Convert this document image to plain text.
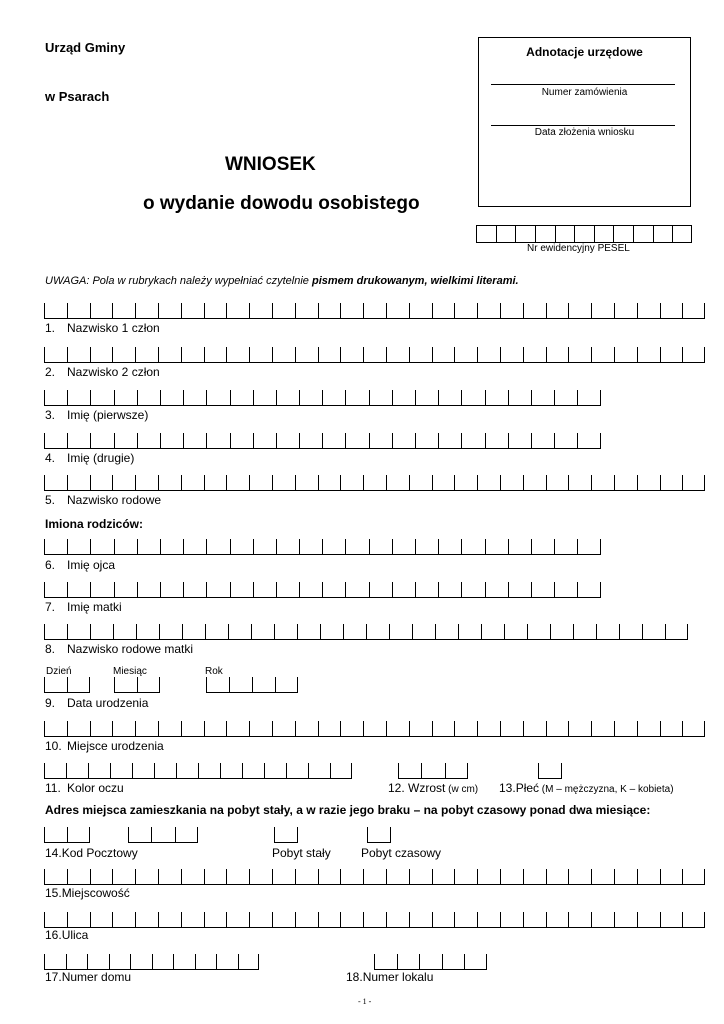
Urząd Gminy
w Psarach
WNIOSEK
o wydanie dowodu osobistego
Adnotacje urzędowe
Numer zamówienia
Data złożenia wniosku
Nr ewidencyjny PESEL
UWAGA: Pola w rubrykach należy wypełniać czytelnie pismem drukowanym, wielkimi literami.
1. Nazwisko 1 człon
2. Nazwisko 2 człon
3. Imię (pierwsze)
4. Imię (drugie)
5. Nazwisko rodowe
6. Imię ojca
7. Imię matki
8. Nazwisko rodowe matki
9. Data urodzenia
10. Miejsce urodzenia
11. Kolor oczu	12. Wzrost (w cm) 13.Płeć (M – mężczyzna, K – kobieta)
14.Kod Pocztowy
15.Miejscowość
16.Ulica
17.Numer domu	18.Numer lokalu
Imiona rodziców:
Dzień	Miesiąc	Rok
Adres miejsca zamieszkania na pobyt stały, a w razie jego braku – na pobyt czasowy ponad dwa miesiące:
Pobyt stały	Pobyt czasowy
- 1 -
